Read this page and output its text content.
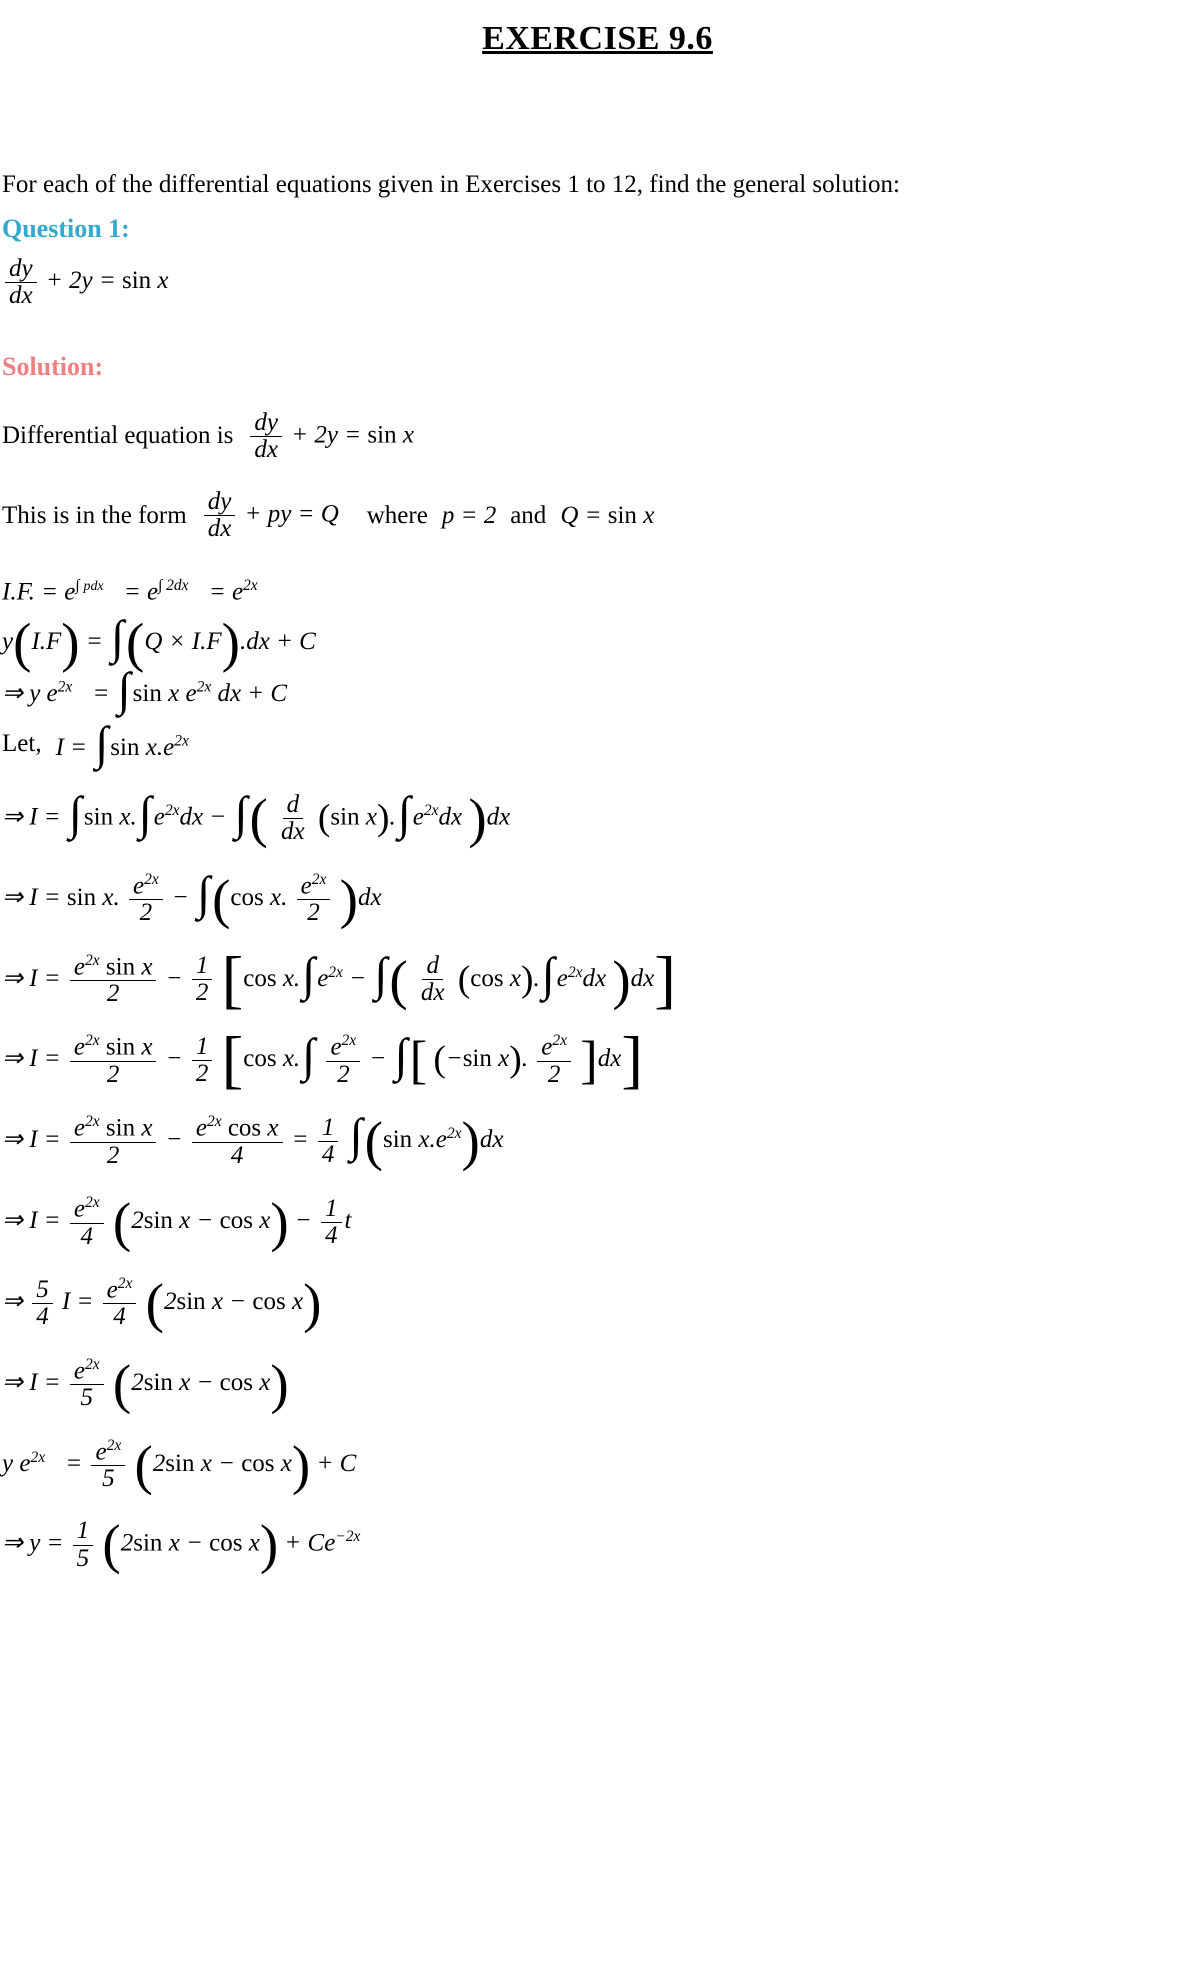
EXERCISE 9.6
For each of the differential equations given in Exercises 1 to 12, find the general solution:
Question 1:
$\frac{dy}{dx} + 2y = \sin x$
Solution:
Differential equation is $\frac{dy}{dx} + 2y = \sin x$
This is in the form $\frac{dy}{dx}$ + py = Q where p = 2 and Q = sin x
I.F. = $e^{\int pdx} = e^{\int 2dx} = e^{2x}$
y(I.F) = ∫(Q × I.F).dx + C
⇒ y $e^{2x} = \int\sin$ x $e^{2x}$ dx + C
Let, I = ∫sin $x.e^{2x}$
⇒ I = ∫sin $x.\int e^{2x}dx$ − ∫( $\frac{d}{dx} (\sin$ $x).\int e^{2x}dx$ )dx
⇒ I = sin x. $\frac{e^{2x}}{2} - \int(\cos$ x. $\frac{e^{2x}}{2} )dx$
⇒ $I = \frac{e^{2x} \sin x}{2} - \frac{1}{2} [\cos$ $x.\int e^{2x}$ − ∫( $\frac{d}{dx} (\cos$ $x).\int e^{2x}dx$ )dx]
⇒ $I = \frac{e^{2x} \sin x}{2} - \frac{1}{2} [\cos$ $x.\int \frac{e^{2x}}{2}$ − ∫[ (−sin x). $\frac{e^{2x}}{2} ]dx$]
⇒ $I = \frac{e^{2x} \sin x}{2} - \frac{e^{2x} \cos x}{4} = \frac{1}{4} \int(\sin$ $x.e^{2x})dx$
⇒ $I = \frac{e^{2x}}{4} (2\sin$ $x - \cos x) - \frac{1}{4}$ t
⇒ $\frac{5}{4}$ $I = \frac{e^{2x}}{4} (2\sin$ x − cos x)
⇒ $I = \frac{e^{2x}}{5} (2\sin$ x − cos x)
y $e^{2x} = \frac{e^{2x}}{5} (2\sin$ x − cos x) + C
⇒ $y = \frac{1}{5} (2\sin$ $x - \cos x) + Ce^{-2x}$
